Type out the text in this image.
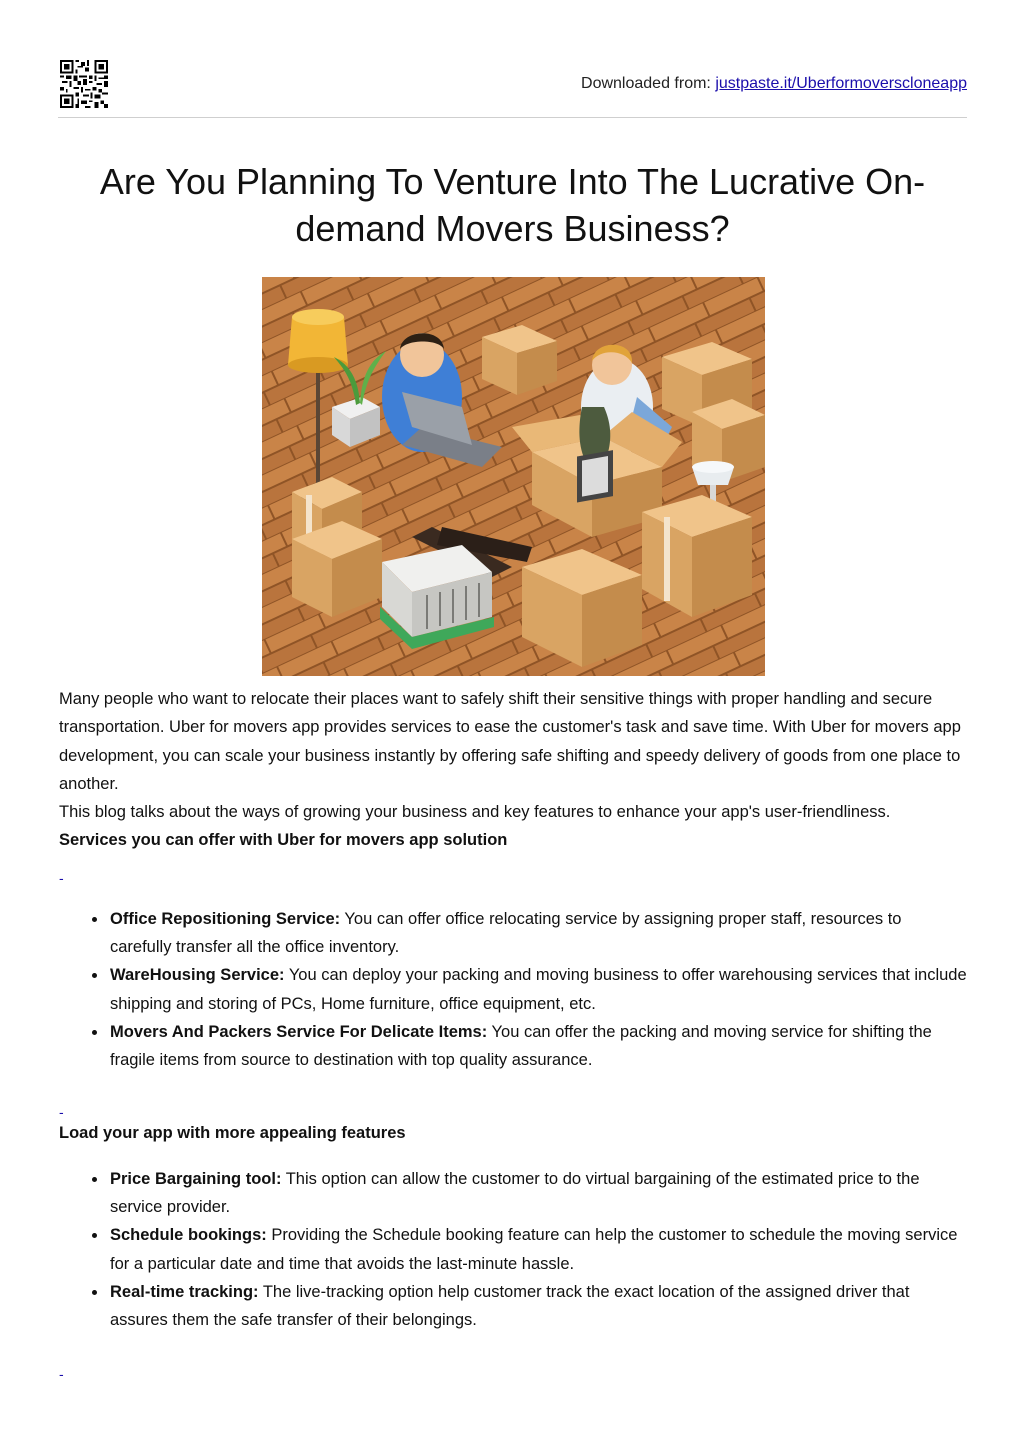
Downloaded from: justpaste.it/Uberformoverscloneapp
Are You Planning To Venture Into The Lucrative On-demand Movers Business?

Many people who want to relocate their places want to safely shift their sensitive things with proper handling and secure transportation. Uber for movers app provides services to ease the customer's task and save time. With Uber for movers app development, you can scale your business instantly by offering safe shifting and speedy delivery of goods from one place to another.

This blog talks about the ways of growing your business and key features to enhance your app's user-friendliness.

Services you can offer with Uber for movers app solution

-
Office Repositioning Service: You can offer office relocating service by assigning proper staff, resources to carefully transfer all the office inventory.
WareHousing Service: You can deploy your packing and moving business to offer warehousing services that include shipping and storing of PCs, Home furniture, office equipment, etc.
Movers And Packers Service For Delicate Items: You can offer the packing and moving service for shifting the fragile items from source to destination with top quality assurance.
-

Load your app with more appealing features

Price Bargaining tool: This option can allow the customer to do virtual bargaining of the estimated price to the service provider.
Schedule bookings: Providing the Schedule booking feature can help the customer to schedule the moving service for a particular date and time that avoids the last-minute hassle.
Real-time tracking: The live-tracking option help customer track the exact location of the assigned driver that assures them the safe transfer of their belongings.
-
